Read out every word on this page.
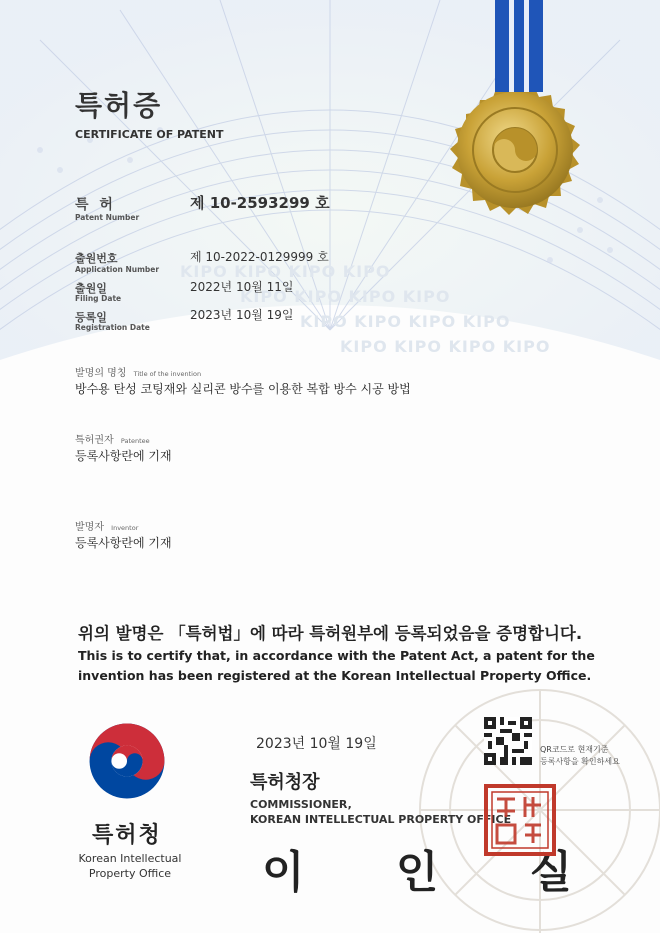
특허증
CERTIFICATE OF PATENT
특 허
Patent Number
제 10-2593299 호
출원번호
Application Number
제 10-2022-0129999 호
KIPO KIPO KIPO KIPO
KIPO KIPO KIPO KIPO
KIPO KIPO KIPO KIPO
KIPO KIPO KIPO KIPO
출원일
Filing Date
2022년 10월 11일
등록일
Registration Date
2023년 10월 19일
발명의 명칭 Title of the invention
방수용 탄성 코팅재와 실리콘 방수를 이용한 복합 방수 시공 방법
특허권자 Patentee
등록사항란에 기재
발명자 Inventor
등록사항란에 기재
위의 발명은 「특허법」에 따라 특허원부에 등록되었음을 증명합니다.
This is to certify that, in accordance with the Patent Act, a patent for the
invention has been registered at the Korean Intellectual Property Office.
특허청
Korean Intellectual
Property Office
2023년 10월 19일
특허청장
COMMISSIONER,
KOREAN INTELLECTUAL PROPERTY OFFICE
이 인 실
QR코드로 현재기준
등록사항을 확인하세요
